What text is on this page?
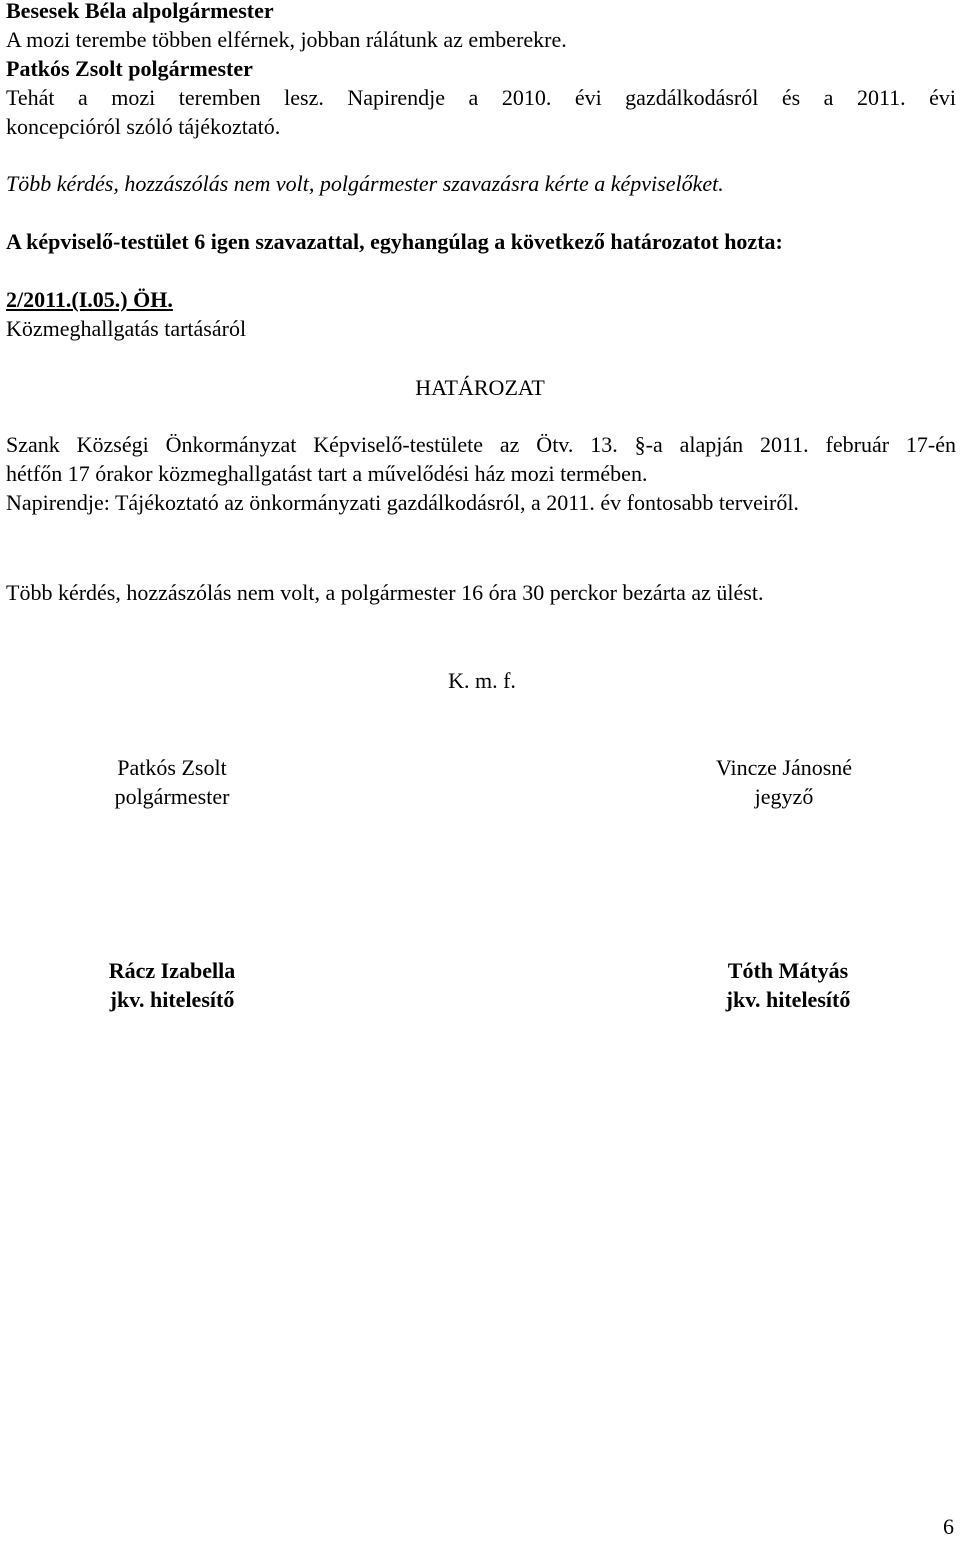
Besesek Béla alpolgármester
A mozi terembe többen elférnek, jobban rálátunk az emberekre.
Patkós Zsolt polgármester
Tehát a mozi teremben lesz. Napirendje a 2010. évi gazdálkodásról és a 2011. évi
koncepcióról szóló tájékoztató.
Több kérdés, hozzászólás nem volt, polgármester szavazásra kérte a képviselőket.
A képviselő-testület 6 igen szavazattal, egyhangúlag a következő határozatot hozta:
2/2011.(I.05.) ÖH.
Közmeghallgatás tartásáról
HATÁROZAT
Szank Községi Önkormányzat Képviselő-testülete az Ötv. 13. §-a alapján 2011. február 17-én
hétfőn 17 órakor közmeghallgatást tart a művelődési ház mozi termében.
Napirendje: Tájékoztató az önkormányzati gazdálkodásról, a 2011. év fontosabb terveiről.
Több kérdés, hozzászólás nem volt, a polgármester 16 óra 30 perckor bezárta az ülést.
K. m. f.
Patkós Zsolt
polgármester
Vincze Jánosné
jegyző
Rácz Izabella
jkv. hitelesítő
Tóth Mátyás
jkv. hitelesítő
6
